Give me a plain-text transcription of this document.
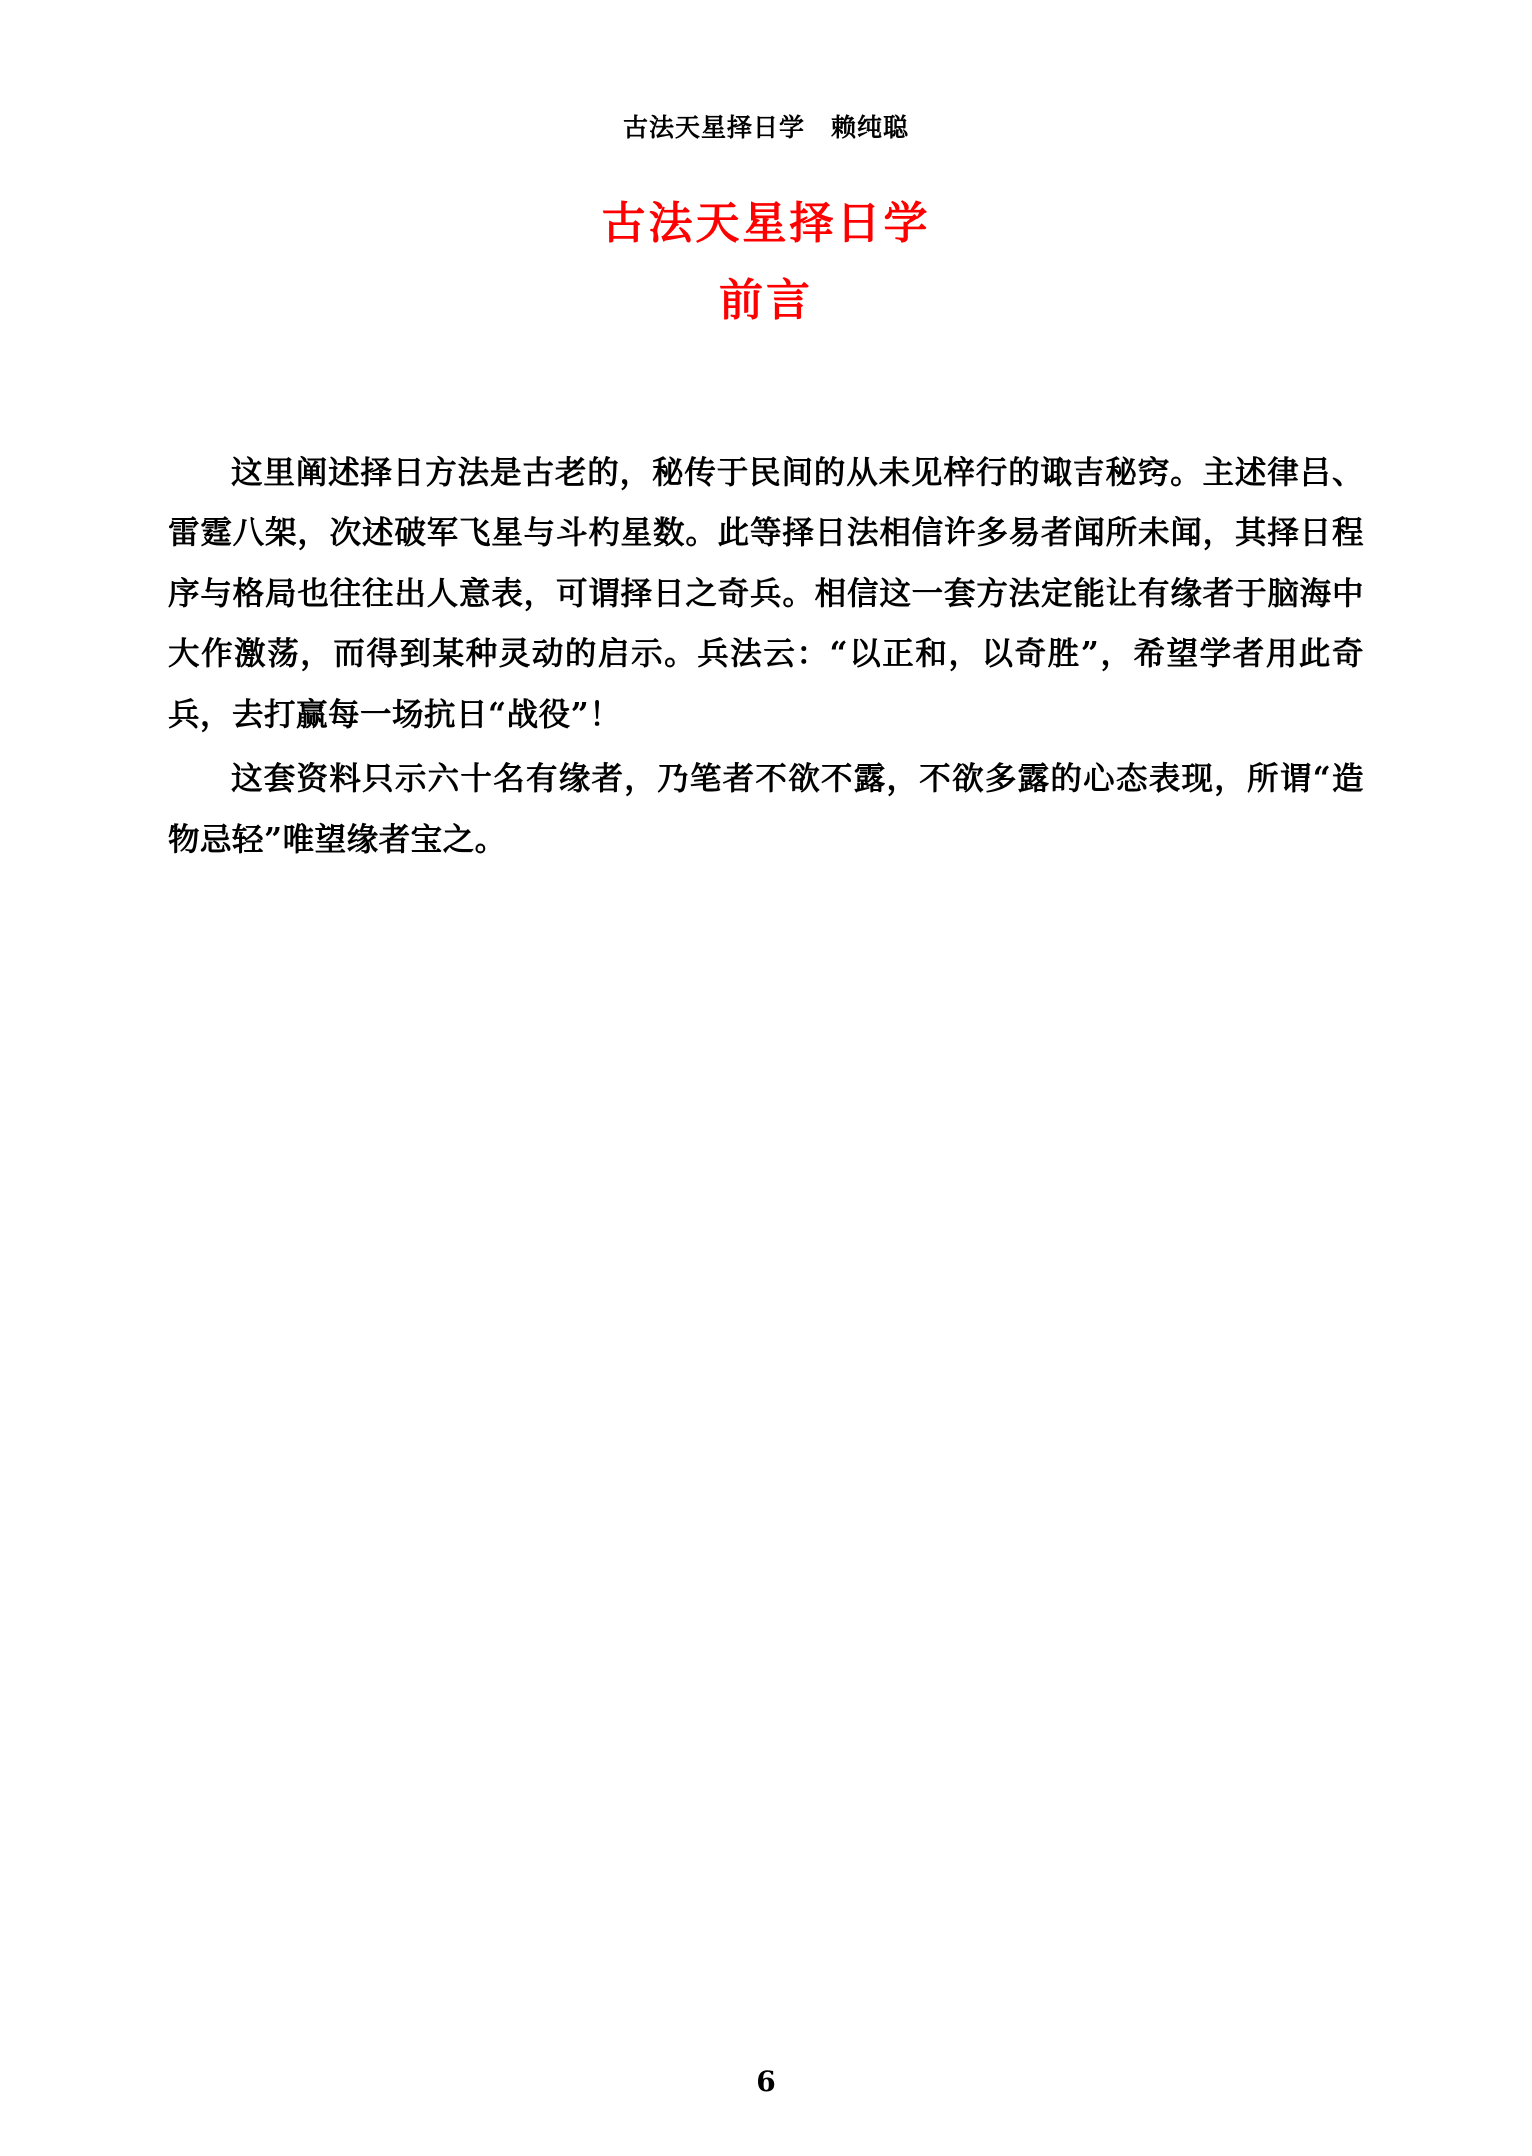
古法天星择日学　赖纯聪
古法天星择日学
前言

这里阐述择日方法是古老的，秘传于民间的从未见梓行的诹吉秘窍。主述律吕、雷霆八架，次述破军飞星与斗杓星数。此等择日法相信许多易者闻所未闻，其择日程序与格局也往往出人意表，可谓择日之奇兵。相信这一套方法定能让有缘者于脑海中大作激荡，而得到某种灵动的启示。兵法云：“以正和，以奇胜”，希望学者用此奇兵，去打赢每一场抗日“战役”！

这套资料只示六十名有缘者，乃笔者不欲不露，不欲多露的心态表现，所谓“造物忌轻”唯望缘者宝之。

6
